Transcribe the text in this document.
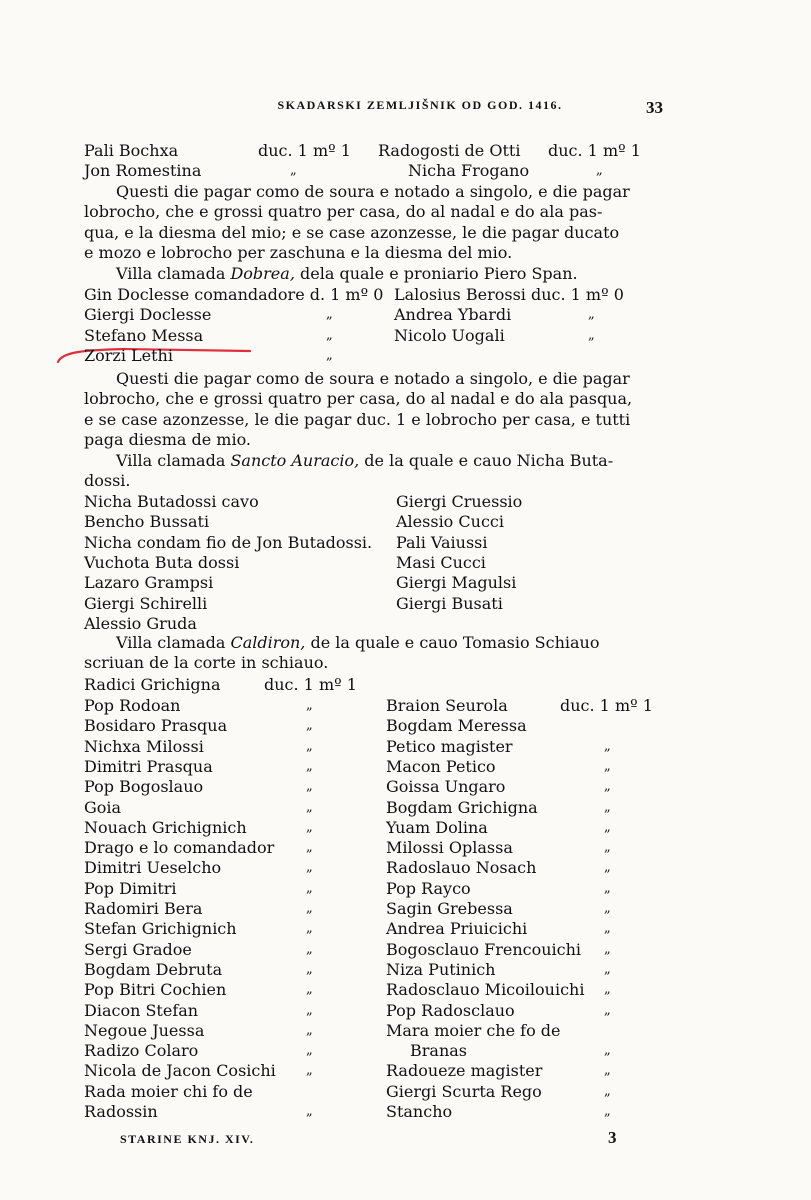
SKADARSKI ZEMLJIŠNIK OD GOD. 1416.	33
STARINE KNJ. XIV.	3
Pali Bochxa	duc. 1 mº 1 Radogosti de Otti duc. 1 mº 1
Jon Romestina	„	Nicha Frogano	„
Questi die pagar como de soura e notado a singolo, e die pagar
lobrocho, che e grossi quatro per casa, do al nadal e do ala pas-
qua, e la diesma del mio; e se case azonzesse, le die pagar ducato
e mozo e lobrocho per zaschuna e la diesma del mio.
Villa clamada Dobrea, dela quale e proniario Piero Span.
Gin Doclesse comandadore d. 1 mº 0 Lalosius Berossi duc. 1 mº 0
Giergi Doclesse	„	Andrea Ybardi	„
Stefano Messa	„	Nicolo Uogali	„
Zorzi Lethi	„
Questi die pagar como de soura e notado a singolo, e die pagar
lobrocho, che e grossi quatro per casa, do al nadal e do ala pasqua,
e se case azonzesse, le die pagar duc. 1 e lobrocho per casa, e tutti
paga diesma de mio.
Villa clamada Sancto Auracio, de la quale e cauo Nicha Buta-
dossi.
Nicha Butadossi cavo	Giergi Cruessio
Bencho Bussati	Alessio Cucci
Nicha condam fio de Jon Butadossi. Pali Vaiussi
Vuchota Buta dossi	Masi Cucci
Lazaro Grampsi	Giergi Magulsi
Giergi Schirelli	Giergi Busati
Alessio Gruda
Villa clamada Caldiron, de la quale e cauo Tomasio Schiauo
scriuan de la corte in schiauo.
Radici Grichigna	duc. 1 mº 1
Pop Rodoan	„	Braion Seurola	duc. 1 mº 1
Bosidaro Prasqua	„	Bogdam Meressa
Nichxa Milossi	„	Petico magister	„
Dimitri Prasqua	„	Macon Petico	„
Pop Bogoslauo	„	Goissa Ungaro	„
Goia	„	Bogdam Grichigna	„
Nouach Grichignich	„	Yuam Dolina	„
Drago e lo comandador „	Milossi Oplassa	„
Dimitri Ueselcho	„	Radoslauo Nosach	„
Pop Dimitri	„	Pop Rayco	„
Radomiri Bera	„	Sagin Grebessa	„
Stefan Grichignich	„	Andrea Priuicichi	„
Sergi Gradoe	„	Bogosclauo Frencouichi „
Bogdam Debruta	„	Niza Putinich	„
Pop Bitri Cochien	„	Radosclauo Micoilouichi „
Diacon Stefan	„	Pop Radosclauo	„
Negoue Juessa	„	Mara moier che fo de
Radizo Colaro	„	Branas	„
Nicola de Jacon Cosichi „	Radoueze magister	„
Rada moier chi fo de	Giergi Scurta Rego	„
Radossin	„	Stancho	„
